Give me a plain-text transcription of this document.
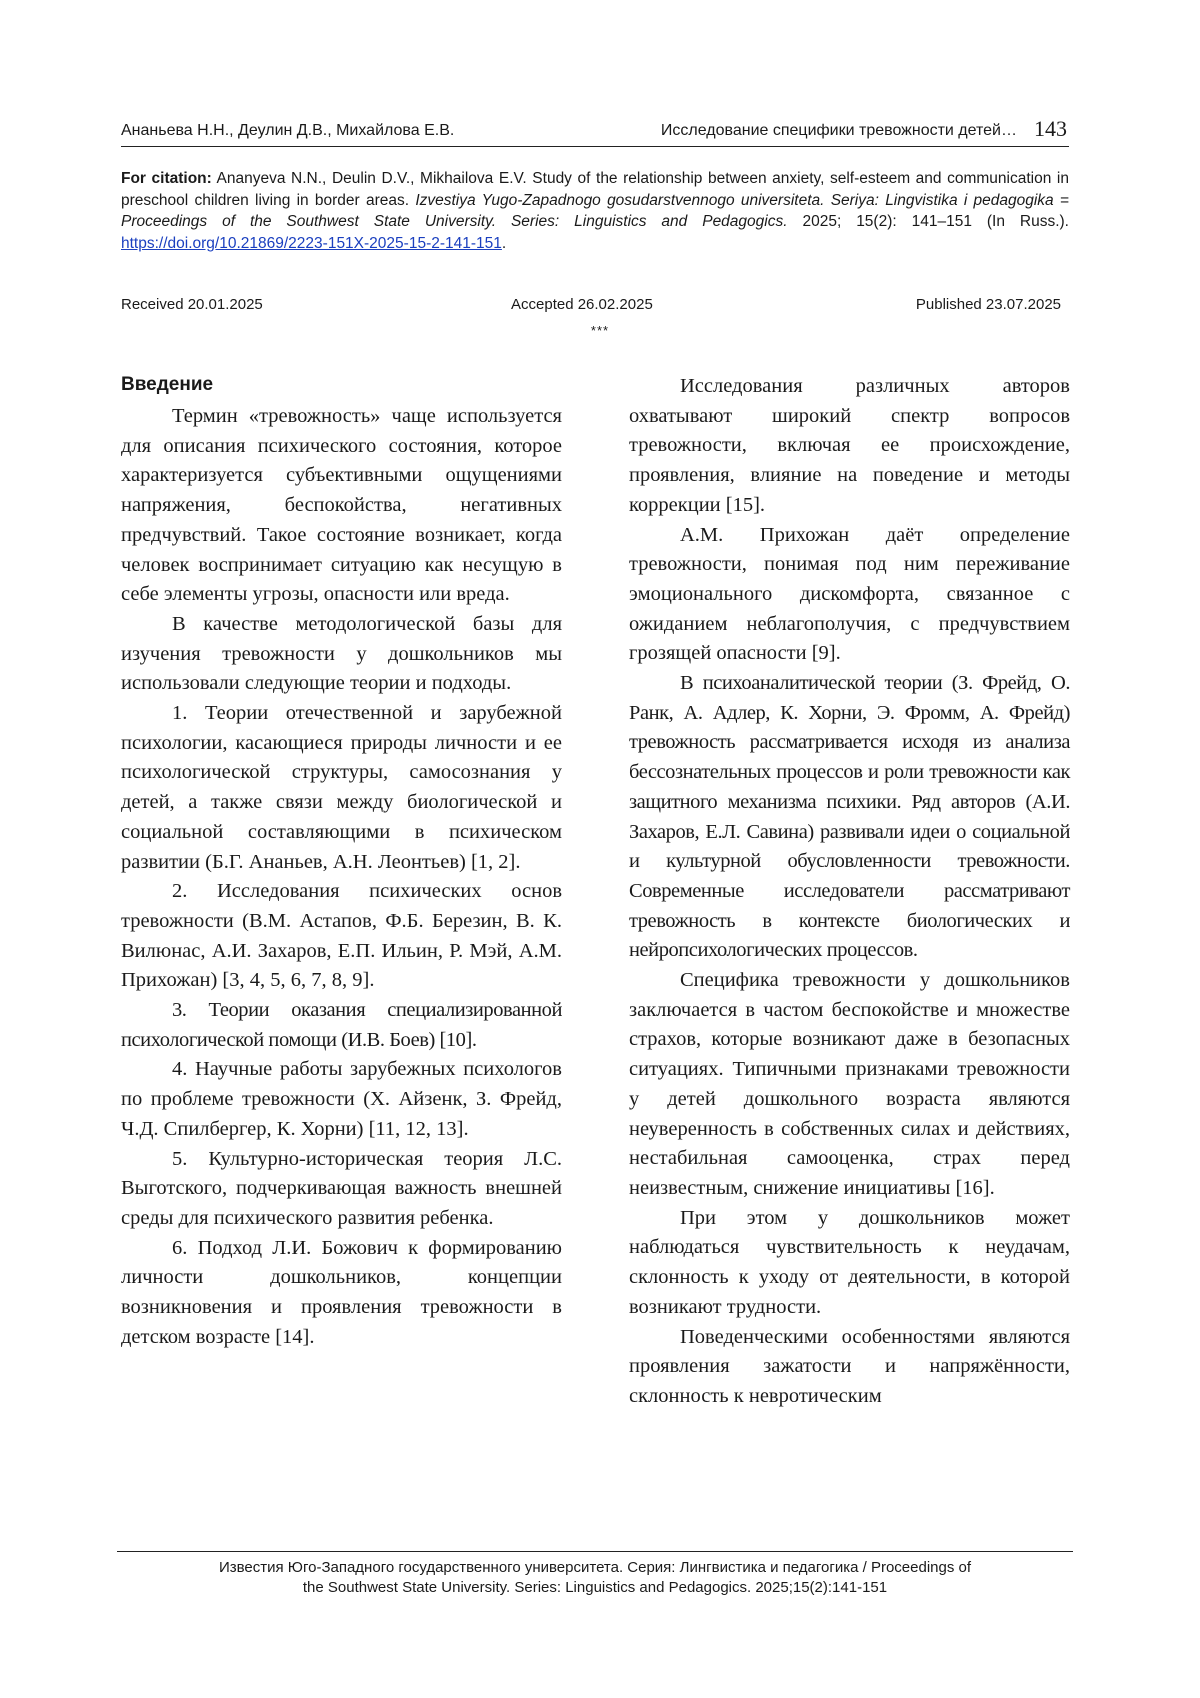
Ананьева Н.Н., Деулин Д.В., Михайлова Е.В.	Исследование специфики тревожности детей… 143
For citation: Ananyeva N.N., Deulin D.V., Mikhailova E.V. Study of the relationship between anxiety, self-esteem and communication in preschool children living in border areas. Izvestiya Yugo-Zapadnogo gosudarstvennogo universiteta. Seriya: Lingvistika i pedagogika = Proceedings of the Southwest State University. Series: Linguistics and Pedagogics. 2025; 15(2): 141–151 (In Russ.). https://doi.org/10.21869/2223-151X-2025-15-2-141-151.
Received 20.01.2025	Accepted 26.02.2025	Published 23.07.2025
***
Введение

Термин «тревожность» чаще используется для описания психического состояния, которое характеризуется субъективными ощущениями напряжения, беспокойства, негативных предчувствий. Такое состояние возникает, когда человек воспринимает ситуацию как несущую в себе элементы угрозы, опасности или вреда.

В качестве методологической базы для изучения тревожности у дошкольников мы использовали следующие теории и подходы.

1. Теории отечественной и зарубежной психологии, касающиеся природы личности и ее психологической структуры, самосознания у детей, а также связи между биологической и социальной составляющими в психическом развитии (Б.Г. Ананьев, А.Н. Леонтьев) [1, 2].

2. Исследования психических основ тревожности (В.М. Астапов, Ф.Б. Березин, В. К. Вилюнас, А.И. Захаров, Е.П. Ильин, Р. Мэй, А.М. Прихожан) [3, 4, 5, 6, 7, 8, 9].

3. Теории оказания специализированной психологической помощи (И.В. Боев) [10].

4. Научные работы зарубежных психологов по проблеме тревожности (Х. Айзенк, З. Фрейд, Ч.Д. Спилбергер, К. Хорни) [11, 12, 13].

5. Культурно-историческая теория Л.С. Выготского, подчеркивающая важность внешней среды для психического развития ребенка.

6. Подход Л.И. Божович к формированию личности дошкольников, концепции возникновения и проявления тревожности в детском возрасте [14].

Исследования различных авторов охватывают широкий спектр вопросов тревожности, включая ее происхождение, проявления, влияние на поведение и методы коррекции [15].

А.М. Прихожан даёт определение тревожности, понимая под ним переживание эмоционального дискомфорта, связанное с ожиданием неблагополучия, с предчувствием грозящей опасности [9].

В психоаналитической теории (З. Фрейд, О. Ранк, А. Адлер, К. Хорни, Э. Фромм, А. Фрейд) тревожность рассматривается исходя из анализа бессознательных процессов и роли тревожности как защитного механизма психики. Ряд авторов (А.И. Захаров, Е.Л. Савина) развивали идеи о социальной и культурной обусловленности тревожности. Современные исследователи рассматривают тревожность в контексте биологических и нейропсихологических процессов.

Специфика тревожности у дошкольников заключается в частом беспокойстве и множестве страхов, которые возникают даже в безопасных ситуациях. Типичными признаками тревожности у детей дошкольного возраста являются неуверенность в собственных силах и действиях, нестабильная самооценка, страх перед неизвестным, снижение инициативы [16].

При этом у дошкольников может наблюдаться чувствительность к неудачам, склонность к уходу от деятельности, в которой возникают трудности.

Поведенческими особенностями являются проявления зажатости и напряжённости, склонность к невротическим

Известия Юго-Западного государственного университета. Серия: Лингвистика и педагогика / Proceedings of
the Southwest State University. Series: Linguistics and Pedagogics. 2025;15(2):141-151
